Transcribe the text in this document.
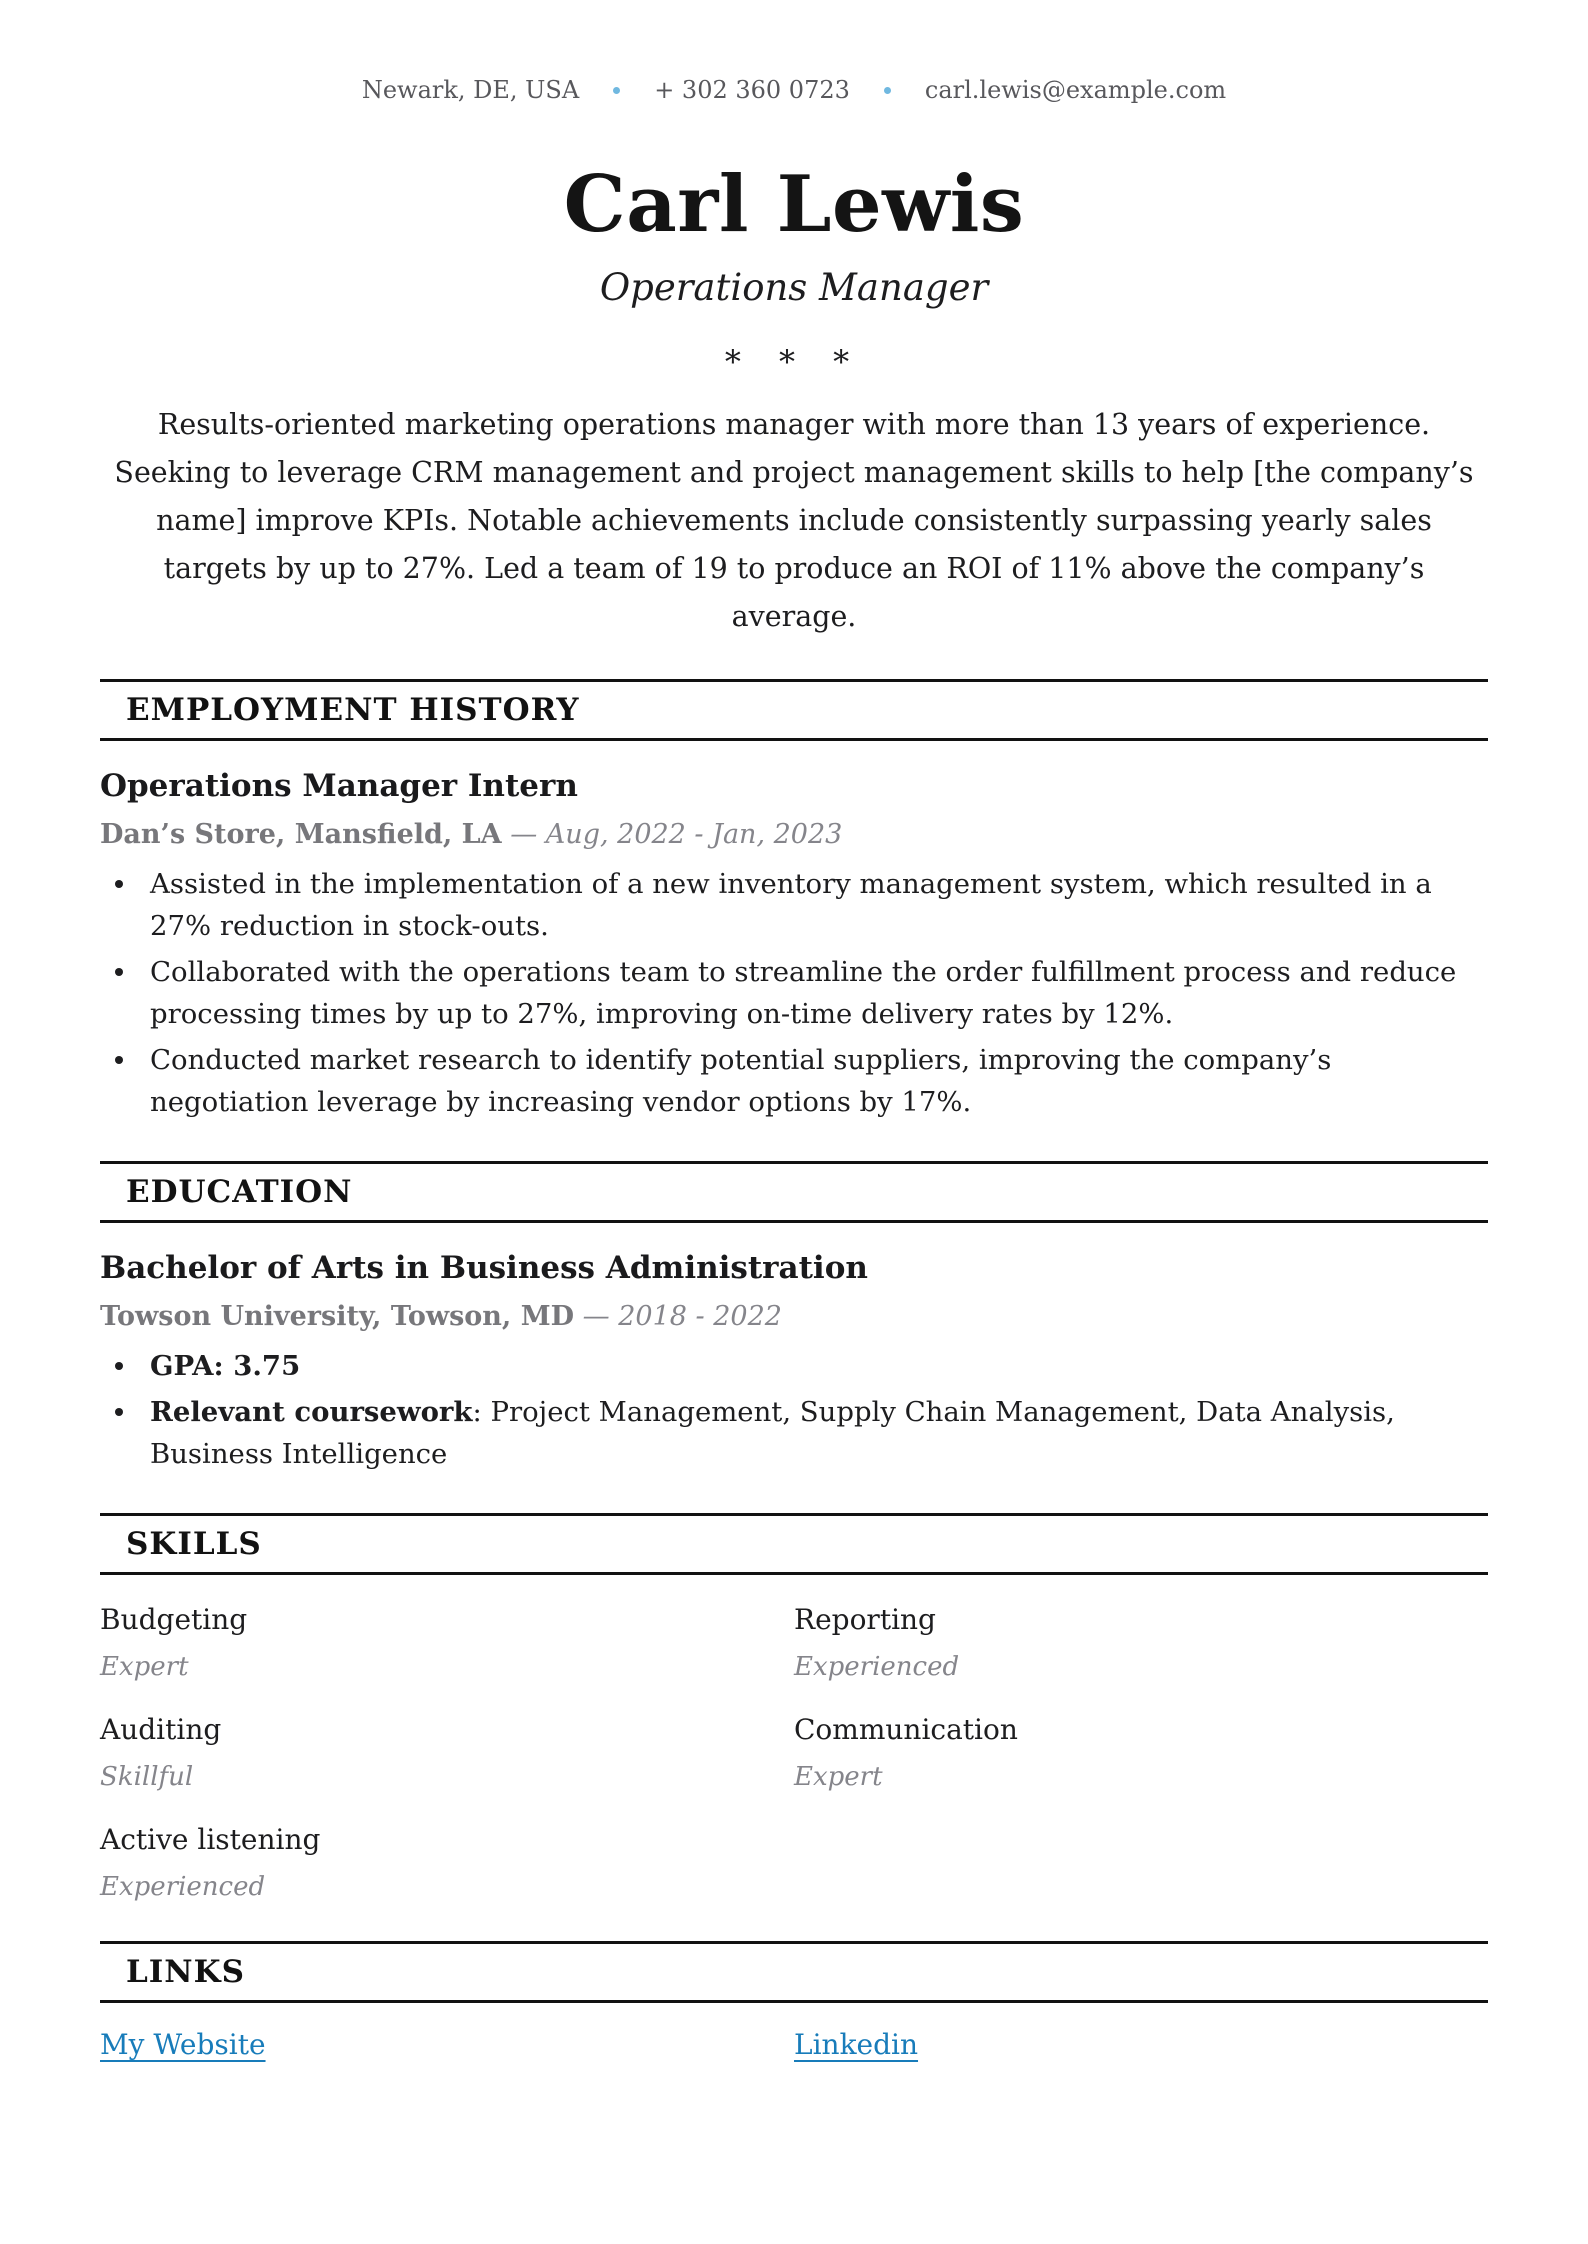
Newark, DE, USA	+ 302 360 0723	carl.lewis@example.com
Carl Lewis
Operations Manager
* * *

Results-oriented marketing operations manager with more than 13 years of experience. Seeking to leverage CRM management and project management skills to help [the company’s name] improve KPIs. Notable achievements include consistently surpassing yearly sales targets by up to 27%. Led a team of 19 to produce an ROI of 11% above the company’s average.

EMPLOYMENT HISTORY
Operations Manager Intern
Dan’s Store, Mansfield, LA — Aug, 2022 - Jan, 2023
Assisted in the implementation of a new inventory management system, which resulted in a 27% reduction in stock-outs.
Collaborated with the operations team to streamline the order fulfillment process and reduce processing times by up to 27%, improving on-time delivery rates by 12%.
Conducted market research to identify potential suppliers, improving the company’s negotiation leverage by increasing vendor options by 17%.
EDUCATION
Bachelor of Arts in Business Administration
Towson University, Towson, MD — 2018 - 2022
GPA: 3.75
Relevant coursework: Project Management, Supply Chain Management, Data Analysis, Business Intelligence
SKILLS
Budgeting
Expert
Reporting
Experienced
Auditing
Skillful
Communication
Expert
Active listening
Experienced
LINKS
My Website	Linkedin
